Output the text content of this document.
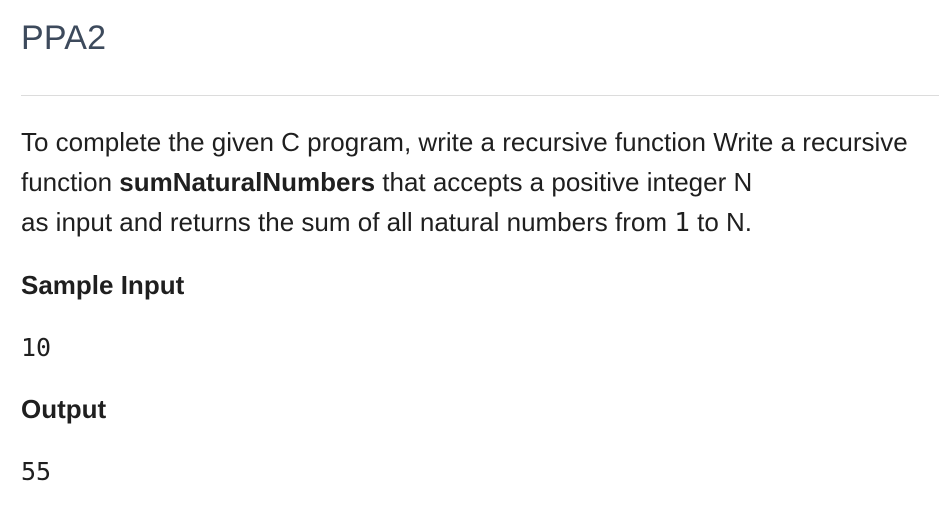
PPA2

To complete the given C program, write a recursive function Write a recursive function sumNaturalNumbers that accepts a positive integer N
as input and returns the sum of all natural numbers from 1 to N.

Sample Input
10
Output
55
